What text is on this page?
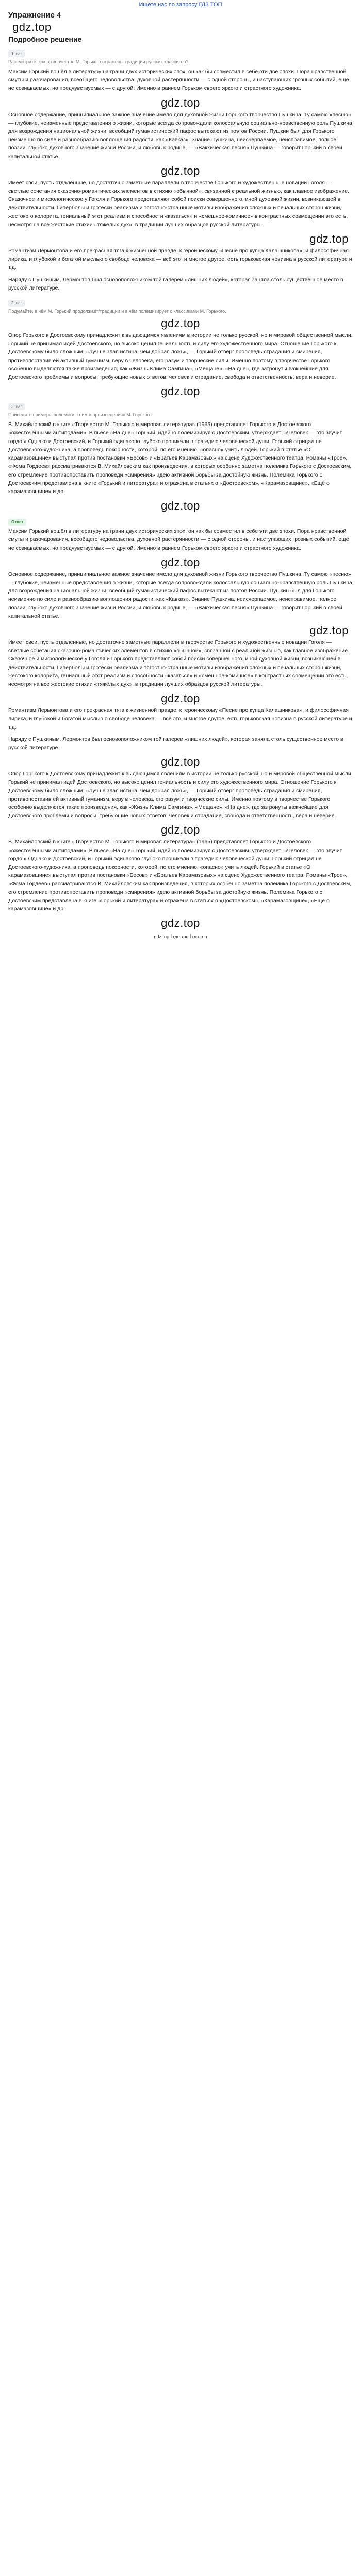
Ищете нас по запросу ГДЗ ТОП
Упражнение 4
gdz.top
Подробное решение
1 шаг
Рассмотрите, как в творчестве М. Горького отражены традиции русских классиков?

Максим Горький вошёл в литературу на грани двух исторических эпох, он как бы совместил в себе эти две эпохи. Пора нравственной смуты и разочарования, всеобщего недовольства, духовной растерянности — с одной стороны, и наступающих грозных событий, ещё не сознаваемых, но предчувствуемых — с другой. Именно в раннем Горьком своего яркого и страстного художника.

gdz.top

Основное содержание, принципиальное важное значение имело для духовной жизни Горького творчество Пушкина. Ту самою «песню» — глубокие, неизменные представления о жизни, которые всегда сопровождали колоссальную социально-нравственную роль Пушкина для возрождения национальной жизни, всеобщий гуманистический пафос вытекают из поэтов России. Пушкин был для Горького неизменно по силе и разнообразию воплощения радости, как «Кавказ». Знание Пушкина, неисчерпаемое, неисправимое, полное поэзии, глубоко духовного значение жизни России, и любовь к родине, — «Вакхическая песня» Пушкина — говорит Горький в своей капитальной статье.

gdz.top

Имеет свои, пусть отдалённые, но достаточно заметные параллели в творчестве Горького и художественные новации Гоголя — светлые сочетания сказочно-романтических элементов в стихию «обычной», связанной с реальной жизнью, как главное изображение. Сказочное и мифологическое у Гоголя и Горького представляют собой поиски совершенного, иной духовной жизни, возникающей в действительности. Гиперболы и гротески реализма и тягостно-страшные мотивы изображения сложных и печальных сторон жизни, жестокого колорита, гениальный этот реализм и способности «казаться» и «смешное-комичное» в контрастных совмещении это есть, несмотря на все жестокие стихии «тяжёлых дух», в традиции лучших образцов русской литературы.

gdz.top

Романтизм Лермонтова и его прекрасная тяга к жизненной правде, к героическому «Песне про купца Калашникова», и философичная лирика, и глубокой и богатой мыслью о свободе человека — всё это, и многое другое, есть горьковская новизна в русской литературе и т.д.

Наряду с Пушкиным, Лермонтов был основоположником той галереи «лишних людей», которая заняла столь существенное место в русской литературе.

2 шаг
Подумайте, в чём М. Горький продолжает/традиции и в чём полемизирует с классиками М. Горького.
gdz.top

Опор Горького к Достоевскому принадлежит к выдающимся явлениям в истории не только русской, но и мировой общественной мысли. Горький не принимал идей Достоевского, но высоко ценил гениальность и силу его художественного мира. Отношение Горького к Достоевскому было сложным: «Лучше злая истина, чем добрая ложь», — Горький отверг проповедь страдания и смирения, противопоставив ей активный гуманизм, веру в человека, его разум и творческие силы. Именно поэтому в творчестве Горького особенно выделяются такие произведения, как «Жизнь Клима Самгина», «Мещане», «На дне», где затронуты важнейшие для Достоевского проблемы и вопросы, требующие новых ответов: человек и страдание, свобода и ответственность, вера и неверие.

gdz.top
3 шаг
Приведите примеры полемики с ним в произведениях М. Горького.

В. Михайловский в книге «Творчество М. Горького и мировая литература» (1965) представляет Горького и Достоевского «ожесточёнными антиподами». В пьесе «На дне» Горький, идейно полемизируя с Достоевским, утверждает: «Человек — это звучит гордо!» Однако и Достоевский, и Горький одинаково глубоко проникали в трагедию человеческой души. Горький отрицал не Достоевского-художника, а проповедь покорности, которой, по его мнению, «опасно» учить людей. Горький в статье «О карамазовщине» выступал против постановки «Бесов» и «Братьев Карамазовых» на сцене Художественного театра. Романы «Трое», «Фома Гордеев» рассматриваются В. Михайловским как произведения, в которых особенно заметна полемика Горького с Достоевским, его стремление противопоставить проповеди «смирения» идею активной борьбы за достойную жизнь. Полемика Горького с Достоевским представлена в книге «Горький и литература» и отражена в статьях о «Достоевском», «Карамазовщине», «Ещё о карамазовщине» и др.

gdz.top
Ответ

Максим Горький вошёл в литературу на грани двух исторических эпох, он как бы совместил в себе эти две эпохи. Пора нравственной смуты и разочарования, всеобщего недовольства, духовной растерянности — с одной стороны, и наступающих грозных событий, ещё не сознаваемых, но предчувствуемых — с другой. Именно в раннем Горьком своего яркого и страстного художника.

gdz.top

Основное содержание, принципиальное важное значение имело для духовной жизни Горького творчество Пушкина. Ту самою «песню» — глубокие, неизменные представления о жизни, которые всегда сопровождали колоссальную социально-нравственную роль Пушкина для возрождения национальной жизни, всеобщий гуманистический пафос вытекают из поэтов России. Пушкин был для Горького неизменно по силе и разнообразию воплощения радости, как «Кавказ». Знание Пушкина, неисчерпаемое, неисправимое, полное поэзии, глубоко духовного значение жизни России, и любовь к родине, — «Вакхическая песня» Пушкина — говорит Горький в своей капитальной статье.

gdz.top

Имеет свои, пусть отдалённые, но достаточно заметные параллели в творчестве Горького и художественные новации Гоголя — светлые сочетания сказочно-романтических элементов в стихию «обычной», связанной с реальной жизнью, как главное изображение. Сказочное и мифологическое у Гоголя и Горького представляют собой поиски совершенного, иной духовной жизни, возникающей в действительности. Гиперболы и гротески реализма и тягостно-страшные мотивы изображения сложных и печальных сторон жизни, жестокого колорита, гениальный этот реализм и способности «казаться» и «смешное-комичное» в контрастных совмещении это есть, несмотря на все жестокие стихии «тяжёлых дух», в традиции лучших образцов русской литературы.

gdz.top

Романтизм Лермонтова и его прекрасная тяга к жизненной правде, к героическому «Песне про купца Калашникова», и философичная лирика, и глубокой и богатой мыслью о свободе человека — всё это, и многое другое, есть горьковская новизна в русской литературе и т.д.

Наряду с Пушкиным, Лермонтов был основоположником той галереи «лишних людей», которая заняла столь существенное место в русской литературе.

gdz.top

Опор Горького к Достоевскому принадлежит к выдающимся явлениям в истории не только русской, но и мировой общественной мысли. Горький не принимал идей Достоевского, но высоко ценил гениальность и силу его художественного мира. Отношение Горького к Достоевскому было сложным: «Лучше злая истина, чем добрая ложь», — Горький отверг проповедь страдания и смирения, противопоставив ей активный гуманизм, веру в человека, его разум и творческие силы. Именно поэтому в творчестве Горького особенно выделяются такие произведения, как «Жизнь Клима Самгина», «Мещане», «На дне», где затронуты важнейшие для Достоевского проблемы и вопросы, требующие новых ответов: человек и страдание, свобода и ответственность, вера и неверие.

gdz.top

В. Михайловский в книге «Творчество М. Горького и мировая литература» (1965) представляет Горького и Достоевского «ожесточёнными антиподами». В пьесе «На дне» Горький, идейно полемизируя с Достоевским, утверждает: «Человек — это звучит гордо!» Однако и Достоевский, и Горький одинаково глубоко проникали в трагедию человеческой души. Горький отрицал не Достоевского-художника, а проповедь покорности, которой, по его мнению, «опасно» учить людей. Горький в статье «О карамазовщине» выступал против постановки «Бесов» и «Братьев Карамазовых» на сцене Художественного театра. Романы «Трое», «Фома Гордеев» рассматриваются В. Михайловским как произведения, в которых особенно заметна полемика Горького с Достоевским, его стремление противопоставить проповеди «смирения» идею активной борьбы за достойную жизнь. Полемика Горького с Достоевским представлена в книге «Горький и литература» и отражена в статьях о «Достоевском», «Карамазовщине», «Ещё о карамазовщине» и др.

gdz.top
gdz.top ꟾ где топ ꟾ гдз.топ
